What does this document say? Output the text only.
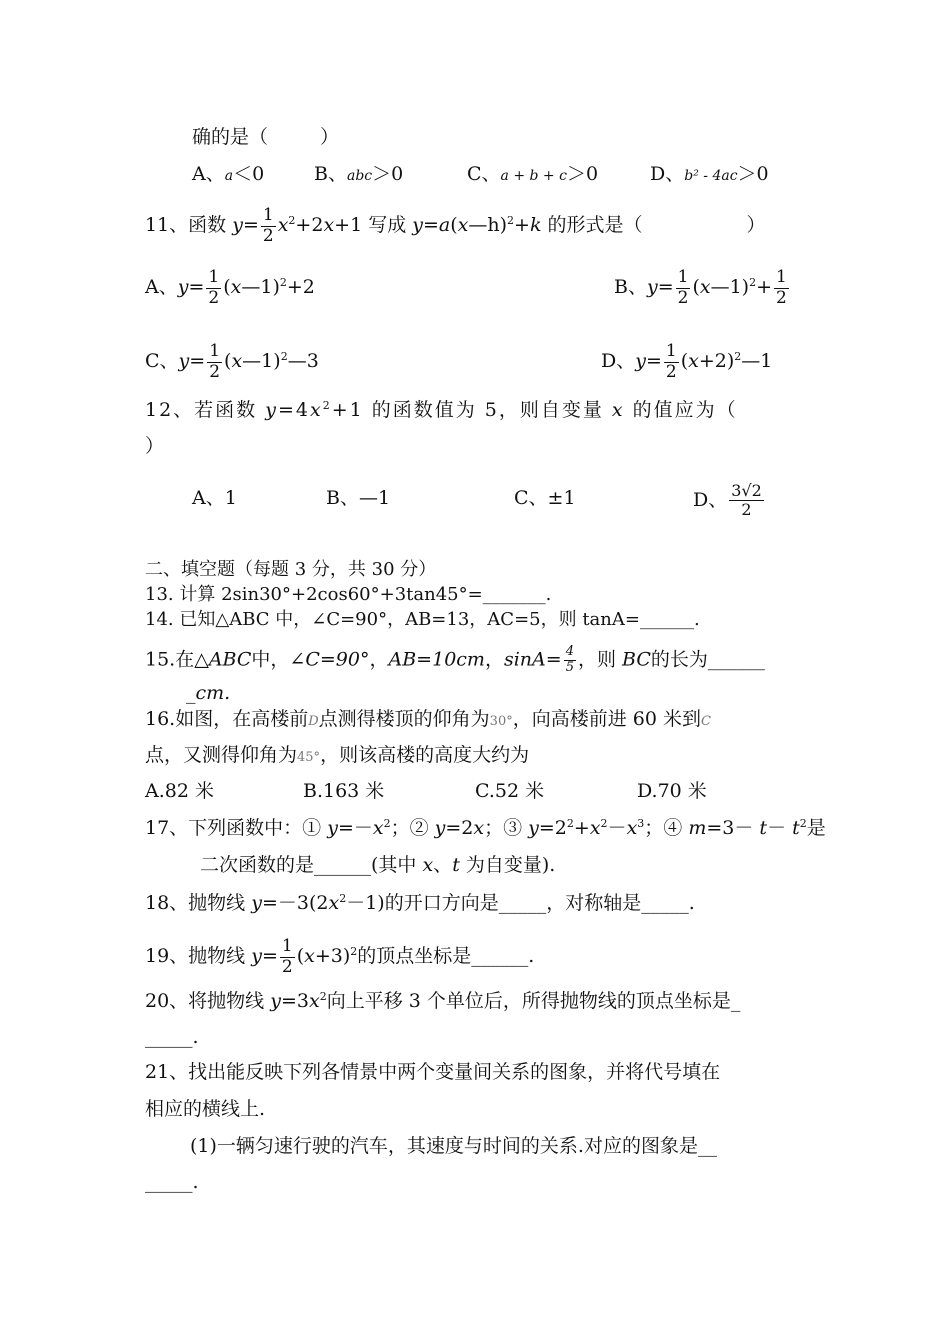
确的是（	）
A、a＜0	B、abc＞0	C、a + b + c＞0	D、b² - 4ac＞0
11、函数 $y= \frac{1}{2} x^2+2x+1$ 写成 y=a(x—h)$^2$+k 的形式是（	）
A、$y= \frac{1}{2}$ (x—1)$^2$+2	B、$y= \frac{1}{2}$ (x—1)$^2$+ $\frac{1}{2}$
C、$y= \frac{1}{2}$ (x—1)$^2$—3	D、$y= \frac{1}{2}$ $(x+2)^2—1$
12、若函数 $y=4x^2+1$ 的函数值为 5，则自变量 x 的值应为（
）
A、1	B、—1	C、±1	D、 $\frac{3√2}{2}$
二、填空题（每题 3 分，共 30 分）
13. 计算 2sin30°+2cos60°+3tan45°=_______.
14. 已知△ABC 中，∠C=90°，AB=13，AC=5，则 tanA=______.
15.在△ABC中，∠C=90°，AB=10cm，$\sin A= \frac{4}{5}$ ，则 BC的长为______
_cm.
16.如图，在高楼前D点测得楼顶的仰角为30°，向高楼前进 60 米到C
点，又测得仰角为45°，则该高楼的高度大约为
A.82 米	B.163 米	C.52 米	D.70 米
17、下列函数中：① $y=-x^2$；② y=2x；③ $y=2^2+x^2-x^3$；④ $m=3- t- t^2$是
二次函数的是______(其中 x、t 为自变量).
18、抛物线 $y=-3(2x^2-1)$的开口方向是_____，对称轴是_____.
19、抛物线 $y= \frac{1}{2} (x+3)^2$的顶点坐标是______.
20、将抛物线 $y=3x^2$向上平移 3 个单位后，所得抛物线的顶点坐标是_
_____.
21、找出能反映下列各情景中两个变量间关系的图象，并将代号填在
相应的横线上.
(1)一辆匀速行驶的汽车，其速度与时间的关系.对应的图象是__
_____.
